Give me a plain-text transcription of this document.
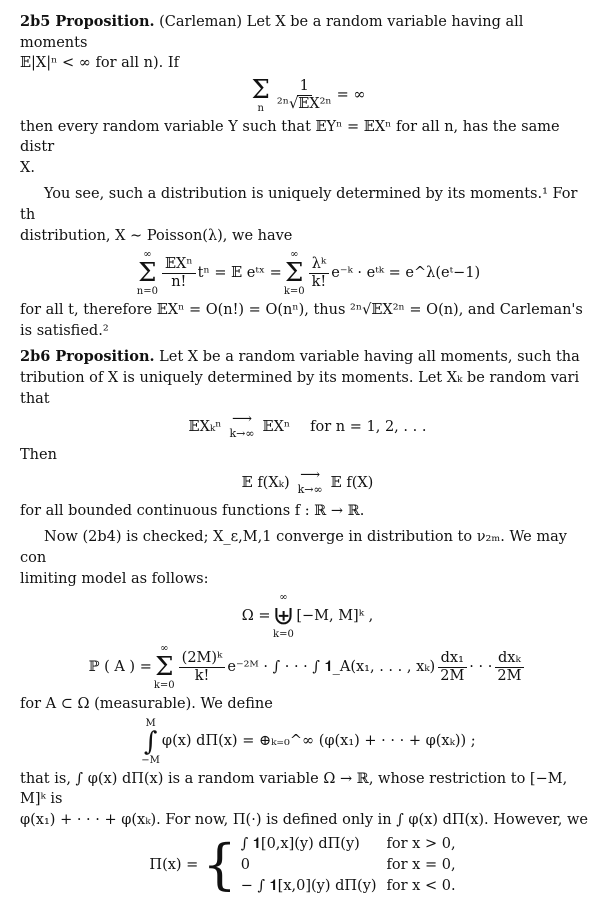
2b5 Proposition. (Carleman) Let X be a random variable having all moments
𝔼|X|ⁿ < ∞ for all n). If

Σ
n $\frac{1}{\text{²ⁿ√𝔼X²ⁿ}}$ = ∞

then every random variable Y such that 𝔼Yⁿ = 𝔼Xⁿ for all n, has the same distr
X.

You see, such a distribution is uniquely determined by its moments.¹ For th

distribution, X ∼ Poisson(λ), we have

∞
Σ
n=0
$\frac{\text{𝔼Xⁿ}}{n!}$ tⁿ = 𝔼 eᵗˣ =
∞
Σ
k=0
$\frac{\text{λᵏ}}{k!}$ e⁻ᵏ · eᵗᵏ = e^λ(eᵗ−1)

for all t, therefore 𝔼Xⁿ = O(n!) = O(nⁿ), thus ²ⁿ√𝔼X²ⁿ = O(n), and Carleman's
is satisfied.²

2b6 Proposition. Let X be a random variable having all moments, such tha
tribution of X is uniquely determined by its moments. Let Xₖ be random vari
that

𝔼Xₖⁿ ⟶
k→∞ 𝔼Xⁿ for n = 1, 2, . . .

Then

𝔼 f(Xₖ) ⟶
k→∞ 𝔼 f(X)

for all bounded continuous functions f : ℝ → ℝ.

Now (2b4) is checked; X_ε,M,1 converge in distribution to ν₂ₘ. We may con

limiting model as follows:

Ω =
∞
⊎
k=0
[−M, M]ᵏ ,
ℙ ( A ) =
∞
Σ
k=0
$\frac{\text{(2M)ᵏ}}{k!}$ e⁻²ᴹ · ∫ · · · ∫ 𝟏_A(x₁, . . . , $x_k) \frac{\text{dx₁}}{2M}$ · · · $\frac{\text{dxₖ}}{2M}$

for A ⊂ Ω (measurable). We define

M
∫
−M
φ(x) dΠ(x) = ⊕ₖ₌₀^∞ (φ(x₁) + · · · + φ(xₖ)) ;

that is, ∫ φ(x) dΠ(x) is a random variable Ω → ℝ, whose restriction to [−M, M]ᵏ is
φ(x₁) + · · · + φ(xₖ). For now, Π(·) is defined only in ∫ φ(x) dΠ(x). However, we

Π(x) = { ∫ 𝟏[0,x](y) dΠ(y)	for x > 0,
0	for x = 0,
− ∫ 𝟏[x,0](y) dΠ(y)	for x < 0.
